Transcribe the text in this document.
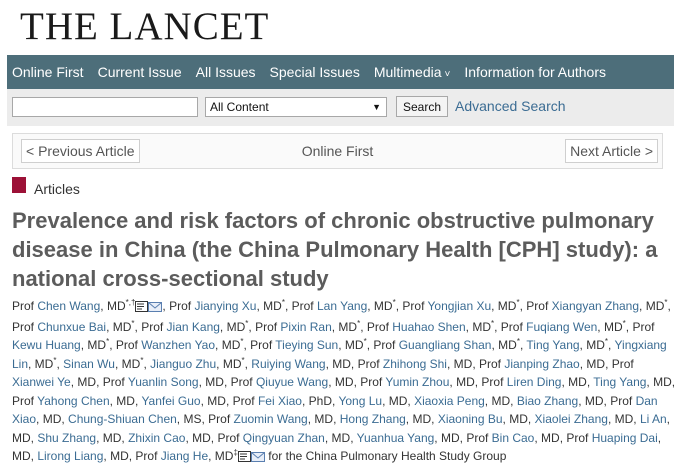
THE LANCET
Online First Current Issue All Issues Special Issues Multimedia ˅ Information for Authors
All Content	▼	Search Advanced Search
< Previous Article	Online First	Next Article >
Articles
Prevalence and risk factors of chronic obstructive pulmonary disease in China (the China Pulmonary Health [CPH] study): a national cross-sectional study

Prof Chen Wang, MD*,† , Prof Jianying Xu, MD*, Prof Lan Yang, MD*, Prof Yongjian Xu, MD*, Prof Xiangyan Zhang, MD*, Prof Chunxue Bai, MD*, Prof Jian Kang, MD*, Prof Pixin Ran, MD*, Prof Huahao Shen, MD*, Prof Fuqiang Wen, MD*, Prof Kewu Huang, MD*, Prof Wanzhen Yao, MD*, Prof Tieying Sun, MD*, Prof Guangliang Shan, MD*, Ting Yang, MD*, Yingxiang Lin, MD*, Sinan Wu, MD*, Jianguo Zhu, MD*, Ruiying Wang, MD, Prof Zhihong Shi, MD, Prof Jianping Zhao, MD, Prof Xianwei Ye, MD, Prof Yuanlin Song, MD, Prof Qiuyue Wang, MD, Prof Yumin Zhou, MD, Prof Liren Ding, MD, Ting Yang, MD, Prof Yahong Chen, MD, Yanfei Guo, MD, Prof Fei Xiao, PhD, Yong Lu, MD, Xiaoxia Peng, MD, Biao Zhang, MD, Prof Dan Xiao, MD, Chung-Shiuan Chen, MS, Prof Zuomin Wang, MD, Hong Zhang, MD, Xiaoning Bu, MD, Xiaolei Zhang, MD, Li An, MD, Shu Zhang, MD, Zhixin Cao, MD, Prof Qingyuan Zhan, MD, Yuanhua Yang, MD, Prof Bin Cao, MD, Prof Huaping Dai, MD, Lirong Liang, MD, Prof Jiang He, MD‡	for the China Pulmonary Health Study Group
